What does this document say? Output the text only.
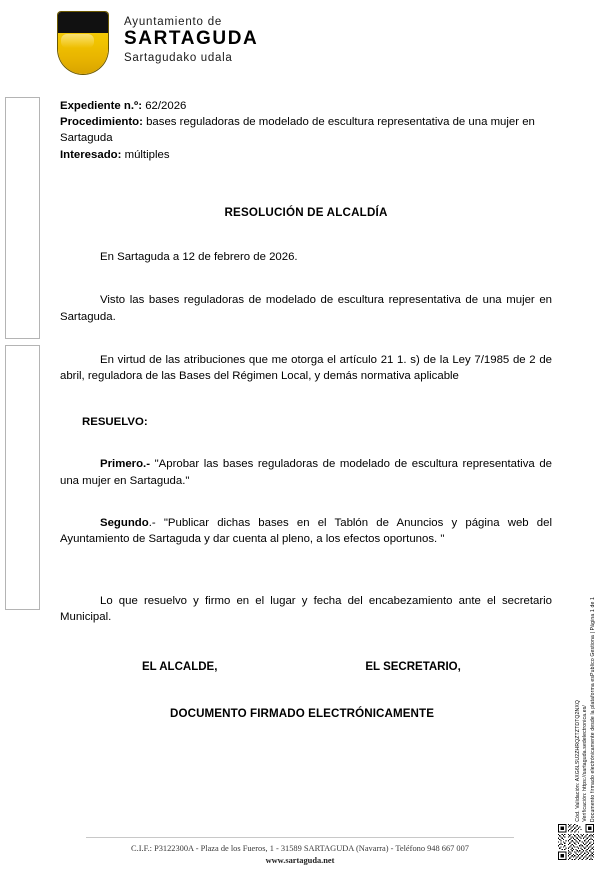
Ayuntamiento de
SARTAGUDA
Sartagudako udala
Expediente n.º: 62/2026
Procedimiento: bases reguladoras de modelado de escultura representativa de una mujer en Sartaguda
Interesado: múltiples
RESOLUCIÓN DE ALCALDÍA
En Sartaguda a 12 de febrero de 2026.
Visto las bases reguladoras de modelado de escultura representativa de una mujer en Sartaguda.
En virtud de las atribuciones que me otorga el artículo 21 1. s) de la Ley 7/1985 de 2 de abril, reguladora de las Bases del Régimen Local, y demás normativa aplicable
RESUELVO:
Primero.- "Aprobar las bases reguladoras de modelado de escultura representativa de una mujer en Sartaguda."
Segundo.- "Publicar dichas bases en el Tablón de Anuncios y página web del Ayuntamiento de Sartaguda y dar cuenta al pleno, a los efectos oportunos. "
Lo que resuelvo y firmo en el lugar y fecha del encabezamiento ante el secretario Municipal.
EL ALCALDE,	EL SECRETARIO,
DOCUMENTO FIRMADO ELECTRÓNICAMENTE	Cód. Validación: AXG6LSU2ZHRQZTZTDTQ2NXQ Verificación: https://sartaguda.sedelectronica.es/ Documento firmado electrónicamente desde la plataforma esPublico Gestiona | Página 1 de 1
C.I.F.: P3122300A - Plaza de los Fueros, 1 - 31589 SARTAGUDA (Navarra) - Teléfono 948 667 007
www.sartaguda.net
